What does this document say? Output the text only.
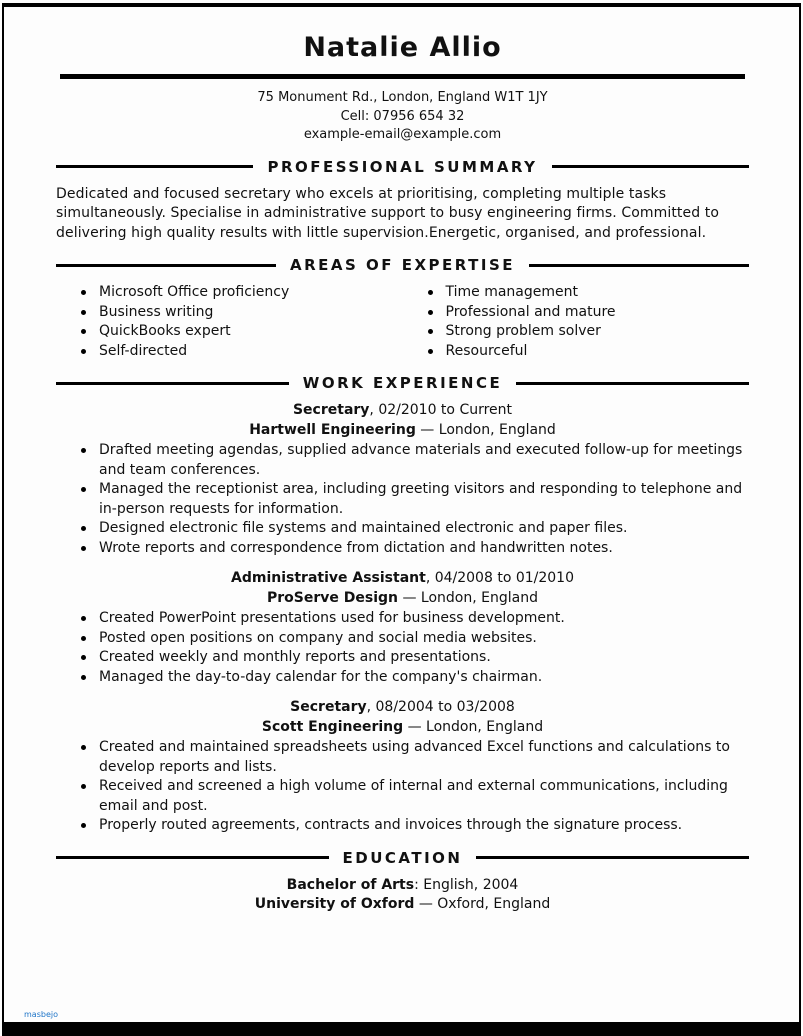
Natalie Allio
75 Monument Rd., London, England W1T 1JY
Cell: 07956 654 32
example-email@example.com
PROFESSIONAL SUMMARY
Dedicated and focused secretary who excels at prioritising, completing multiple tasks simultaneously. Specialise in administrative support to busy engineering firms. Committed to delivering high quality results with little supervision.Energetic, organised, and professional.
AREAS OF EXPERTISE
Microsoft Office proficiency
Business writing
QuickBooks expert
Self-directed
Time management
Professional and mature
Strong problem solver
Resourceful
WORK EXPERIENCE
Secretary, 02/2010 to Current
Hartwell Engineering — London, England
Drafted meeting agendas, supplied advance materials and executed follow-up for meetings and team conferences.
Managed the receptionist area, including greeting visitors and responding to telephone and in-person requests for information.
Designed electronic file systems and maintained electronic and paper files.
Wrote reports and correspondence from dictation and handwritten notes.
Administrative Assistant, 04/2008 to 01/2010
ProServe Design — London, England
Created PowerPoint presentations used for business development.
Posted open positions on company and social media websites.
Created weekly and monthly reports and presentations.
Managed the day-to-day calendar for the company's chairman.
Secretary, 08/2004 to 03/2008
Scott Engineering — London, England
Created and maintained spreadsheets using advanced Excel functions and calculations to develop reports and lists.
Received and screened a high volume of internal and external communications, including email and post.
Properly routed agreements, contracts and invoices through the signature process.
EDUCATION
Bachelor of Arts: English, 2004
University of Oxford — Oxford, England
masbejo
